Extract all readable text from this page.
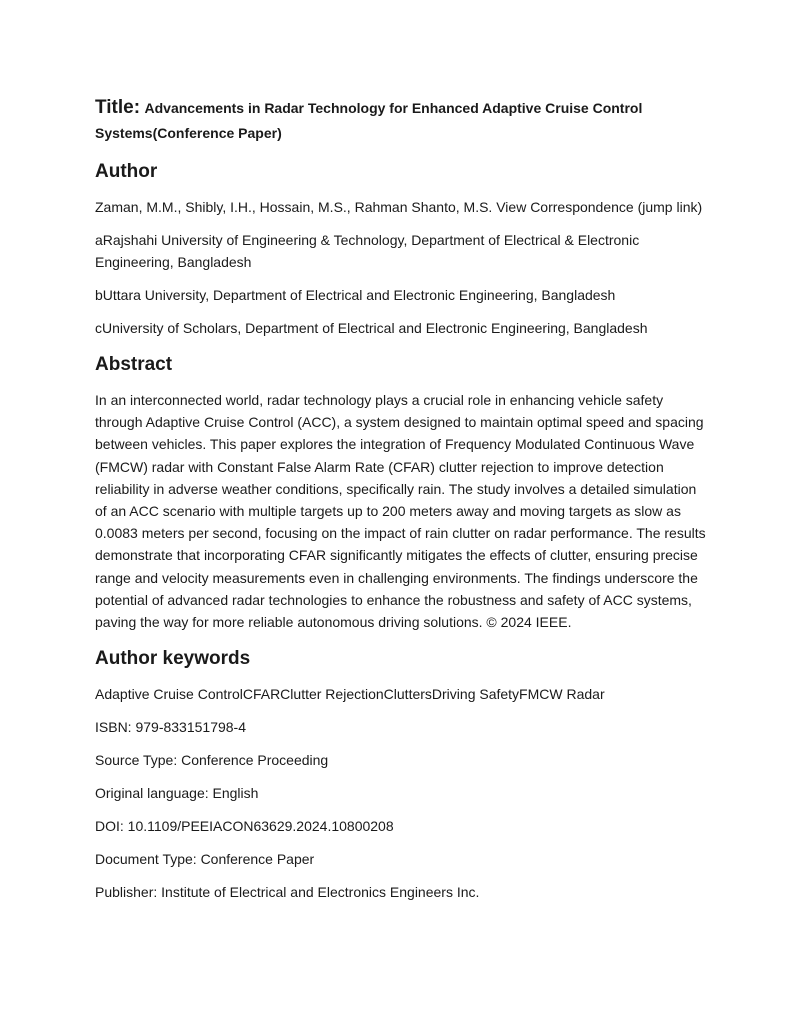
Title: Advancements in Radar Technology for Enhanced Adaptive Cruise Control Systems(Conference Paper)

Author

Zaman, M.M., Shibly, I.H., Hossain, M.S., Rahman Shanto, M.S. View Correspondence (jump link)

aRajshahi University of Engineering & Technology, Department of Electrical & Electronic Engineering, Bangladesh

bUttara University, Department of Electrical and Electronic Engineering, Bangladesh

cUniversity of Scholars, Department of Electrical and Electronic Engineering, Bangladesh

Abstract

In an interconnected world, radar technology plays a crucial role in enhancing vehicle safety through Adaptive Cruise Control (ACC), a system designed to maintain optimal speed and spacing between vehicles. This paper explores the integration of Frequency Modulated Continuous Wave (FMCW) radar with Constant False Alarm Rate (CFAR) clutter rejection to improve detection reliability in adverse weather conditions, specifically rain. The study involves a detailed simulation of an ACC scenario with multiple targets up to 200 meters away and moving targets as slow as 0.0083 meters per second, focusing on the impact of rain clutter on radar performance. The results demonstrate that incorporating CFAR significantly mitigates the effects of clutter, ensuring precise range and velocity measurements even in challenging environments. The findings underscore the potential of advanced radar technologies to enhance the robustness and safety of ACC systems, paving the way for more reliable autonomous driving solutions. © 2024 IEEE.

Author keywords

Adaptive Cruise ControlCFARClutter RejectionCluttersDriving SafetyFMCW Radar

ISBN: 979-833151798-4

Source Type: Conference Proceeding

Original language: English

DOI: 10.1109/PEEIACON63629.2024.10800208

Document Type: Conference Paper

Publisher: Institute of Electrical and Electronics Engineers Inc.
